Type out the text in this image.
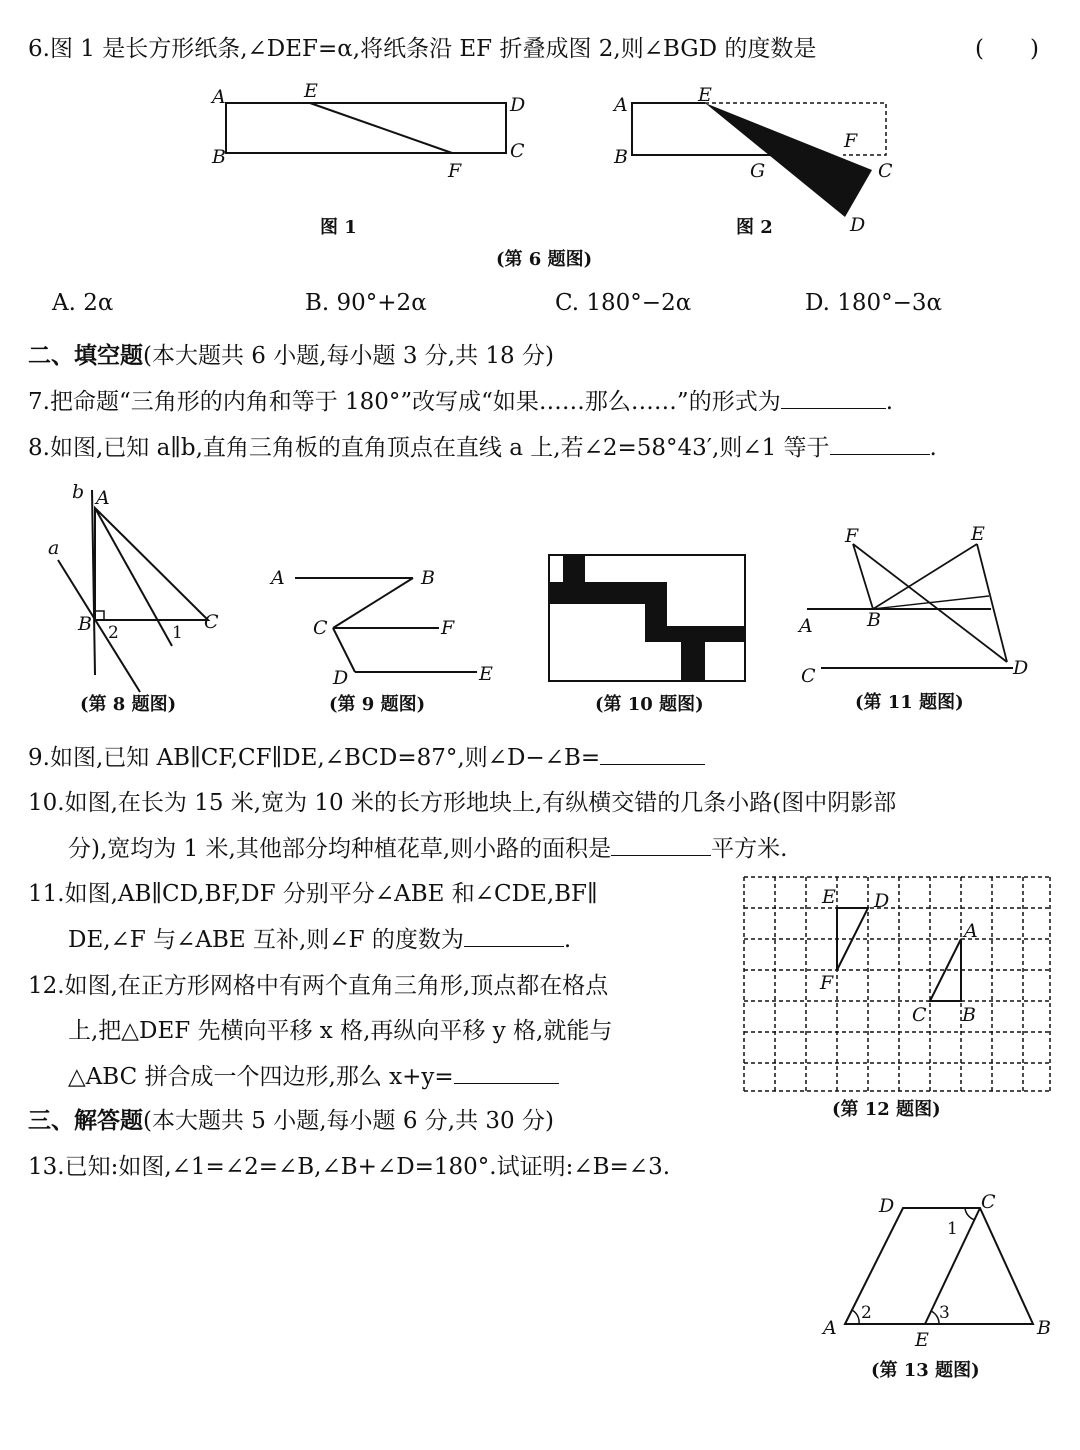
6.图 1 是长方形纸条,∠DEF=α,将纸条沿 EF 折叠成图 2,则∠BGD 的度数是	(　　)
A
B	C
D
E
F
图 1
A
B
E
F
C
G
D
图 2
(第 6 题图)
A. 2α	B. 90°+2α	C. 180°−2α	D. 180°−3α
二、填空题(本大题共 6 小题,每小题 3 分,共 18 分)
7.把命题“三角形的内角和等于 180°”改写成“如果……那么……”的形式为	.
8.如图,已知 a∥b,直角三角板的直角顶点在直线 a 上,若∠2=58°43′,则∠1 等于	.
b A
a
B	C
2	1
(第 8 题图)
A	B
C	F
D	E
(第 9 题图)	(第 10 题图)
F	E
A	B
C	D
(第 11 题图)
9.如图,已知 AB∥CF,CF∥DE,∠BCD=87°,则∠D−∠B=
10.如图,在长为 15 米,宽为 10 米的长方形地块上,有纵横交错的几条小路(图中阴影部
分),宽均为 1 米,其他部分均种植花草,则小路的面积是	平方米.
11.如图,AB∥CD,BF,DF 分别平分∠ABE 和∠CDE,BF∥
DE,∠F 与∠ABE 互补,则∠F 的度数为	.
12.如图,在正方形网格中有两个直角三角形,顶点都在格点
上,把△DEF 先横向平移 x 格,再纵向平移 y 格,就能与
△ABC 拼合成一个四边形,那么 x+y=
E D
F
A
C B
(第 12 题图)
三、解答题(本大题共 5 小题,每小题 6 分,共 30 分)
13.已知:如图,∠1=∠2=∠B,∠B+∠D=180°.试证明:∠B=∠3.
D	C
A	B
E
1
2	3
(第 13 题图)
